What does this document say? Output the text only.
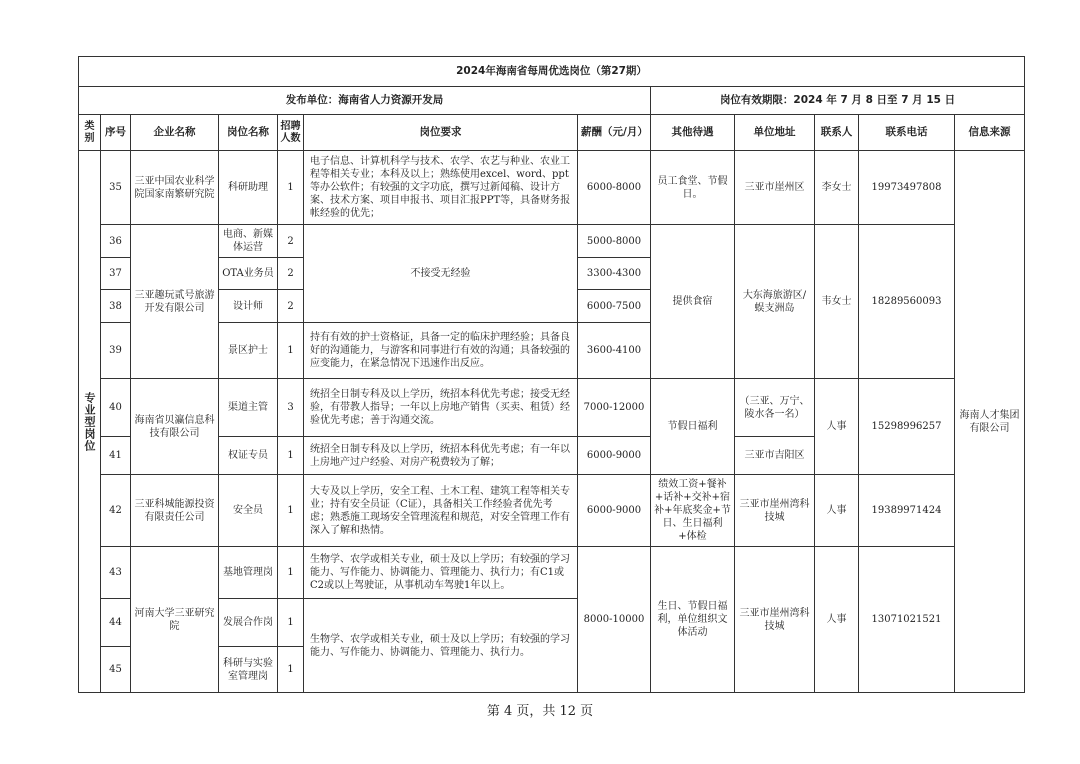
2024年海南省每周优选岗位（第27期）											
发布单位：海南省人力资源开发局							岗位有效期限：2024 年 7 月 8 日至 7 月 15 日				
类别	序号	企业名称	岗位名称	招聘人数	岗位要求	薪酬（元/月）	其他待遇	单位地址	联系人	联系电话	信息来源
专业型岗位	35	三亚中国农业科学院国家南繁研究院	科研助理	1	电子信息、计算机科学与技术、农学、农艺与种业、农业工程等相关专业；本科及以上；熟练使用excel、word、ppt等办公软件；有较强的文字功底，撰写过新闻稿、设计方案、技术方案、项目申报书、项目汇报PPT等，具备财务报帐经验的优先；	6000-8000	员工食堂、节假日。	三亚市崖州区	李女士	19973497808	海南人才集团有限公司
	36	三亚趣玩贰号旅游开发有限公司	电商、新媒体运营	2	不接受无经验	5000-8000	提供食宿	大东海旅游区/蜈支洲岛	韦女士	18289560093	
	37		OTA业务员	2		3300-4300					
	38		设计师	2		6000-7500					
	39		景区护士	1	持有有效的护士资格证，具备一定的临床护理经验；具备良好的沟通能力，与游客和同事进行有效的沟通；具备较强的应变能力，在紧急情况下迅速作出反应。	3600-4100					
	40	海南省贝瀛信息科技有限公司	渠道主管	3	统招全日制专科及以上学历，统招本科优先考虑；接受无经验，有带教人指导；一年以上房地产销售（买卖、租赁）经验优先考虑；善于沟通交流。	7000-12000	节假日福利	（三亚、万宁、陵水各一名）	人事	15298996257	
	41		权证专员	1	统招全日制专科及以上学历，统招本科优先考虑；有一年以上房地产过户经验、对房产税费较为了解；	6000-9000		三亚市吉阳区			
	42	三亚科城能源投资有限责任公司	安全员	1	大专及以上学历，安全工程、土木工程、建筑工程等相关专业；持有安全员证（C证），具备相关工作经验者优先考虑；熟悉施工现场安全管理流程和规范，对安全管理工作有深入了解和热情。	6000-9000	绩效工资+餐补+话补+交补+宿补+年底奖金+节日、生日福利+体检	三亚市崖州湾科技城	人事	19389971424	
	43	河南大学三亚研究院	基地管理岗	1	生物学、农学或相关专业，硕士及以上学历；有较强的学习能力、写作能力、协调能力、管理能力、执行力；有C1或C2或以上驾驶证，从事机动车驾驶1年以上。	8000-10000	生日、节假日福利，单位组织文体活动	三亚市崖州湾科技城	人事	13071021521	
	44		发展合作岗	1	生物学、农学或相关专业，硕士及以上学历；有较强的学习能力、写作能力、协调能力、管理能力、执行力。						
	45		科研与实验室管理岗	1							
第 4 页，共 12 页
